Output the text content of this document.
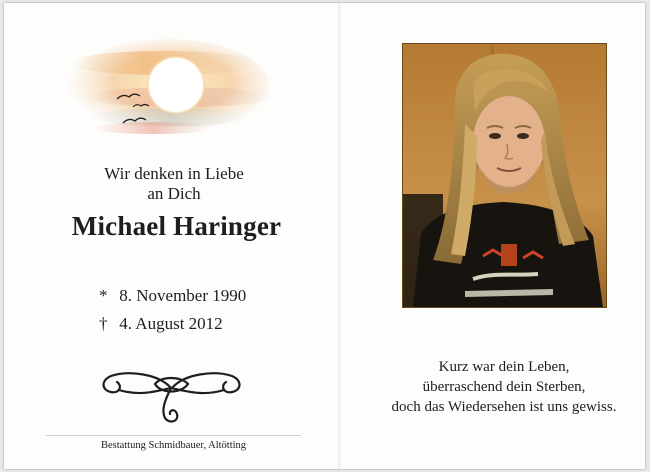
Wir denken in Liebe
an Dich
Michael Haringer
* 8. November 1990
† 4. August 2012
Bestattung Schmidbauer, Altötting
Kurz war dein Leben,
überraschend dein Sterben,
doch das Wiedersehen ist uns gewiss.
